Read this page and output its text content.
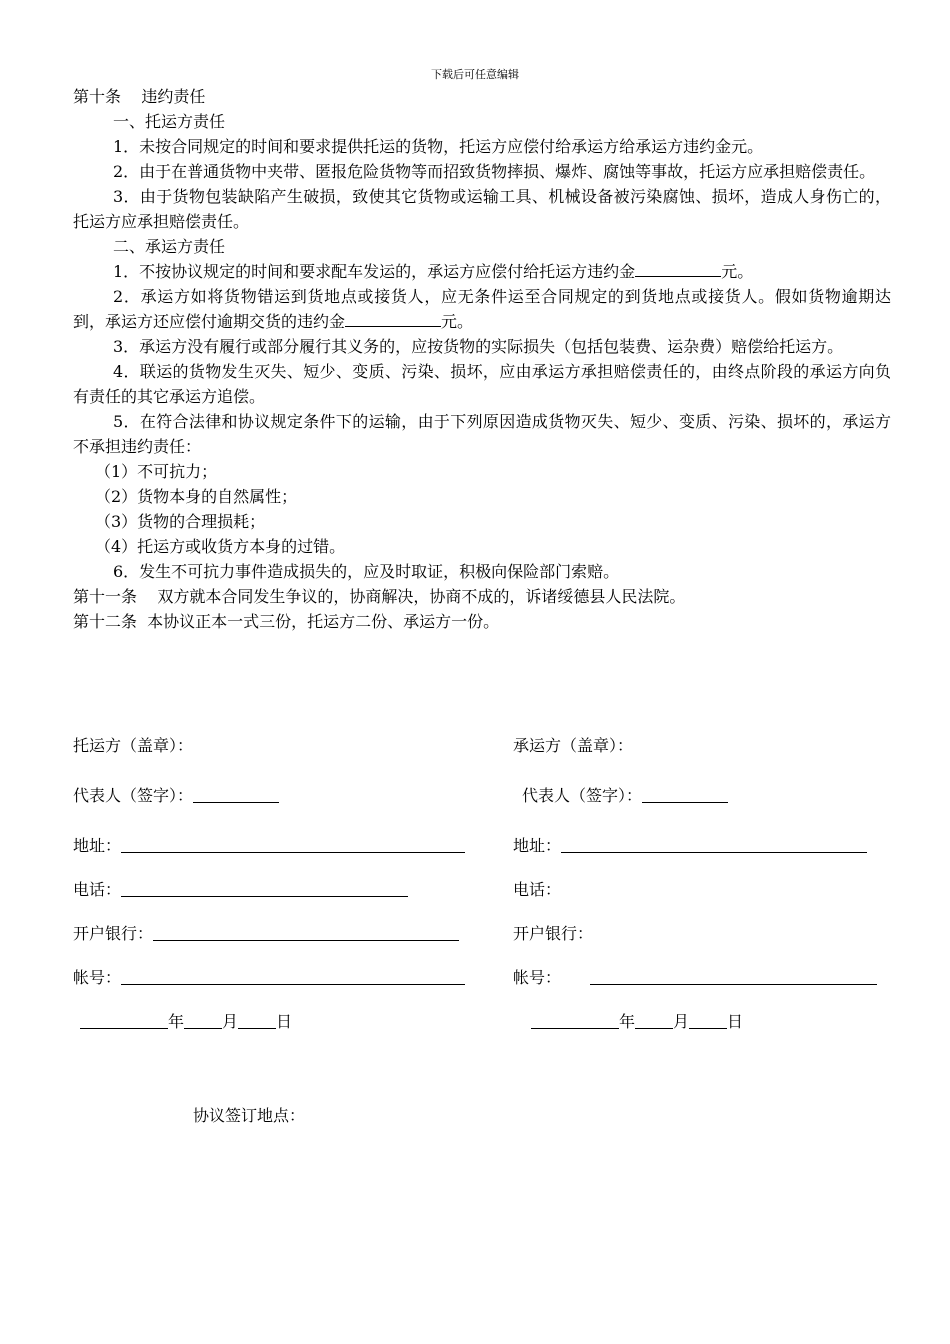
下载后可任意编辑

第十条    违约责任

一、托运方责任

1．未按合同规定的时间和要求提供托运的货物，托运方应偿付给承运方给承运方违约金元。

2．由于在普通货物中夹带、匿报危险货物等而招致货物摔损、爆炸、腐蚀等事故，托运方应承担赔偿责任。

3．由于货物包装缺陷产生破损，致使其它货物或运输工具、机械设备被污染腐蚀、损坏，造成人身伤亡的，托运方应承担赔偿责任。

二、承运方责任

1．不按协议规定的时间和要求配车发运的，承运方应偿付给托运方违约金	元。

2．承运方如将货物错运到货地点或接货人，应无条件运至合同规定的到货地点或接货人。假如货物逾期达到，承运方还应偿付逾期交货的违约金	元。

3．承运方没有履行或部分履行其义务的，应按货物的实际损失（包括包装费、运杂费）赔偿给托运方。

4．联运的货物发生灭失、短少、变质、污染、损坏，应由承运方承担赔偿责任的，由终点阶段的承运方向负有责任的其它承运方追偿。

5．在符合法律和协议规定条件下的运输，由于下列原因造成货物灭失、短少、变质、污染、损坏的，承运方不承担违约责任：

（1）不可抗力；

（2）货物本身的自然属性；

（3）货物的合理损耗；

（4）托运方或收货方本身的过错。

6．发生不可抗力事件造成损失的，应及时取证，积极向保险部门索赔。

第十一条    双方就本合同发生争议的，协商解决，协商不成的，诉诸绥德县人民法院。

第十二条  本协议正本一式三份，托运方二份、承运方一份。

托运方（盖章）：
代表人（签字）：
地址：
电话：
开户银行：
帐号：
年 月 日
承运方（盖章）：
代表人（签字）：
地址：
电话：
开户银行：
帐号：
年 月 日
协议签订地点：
